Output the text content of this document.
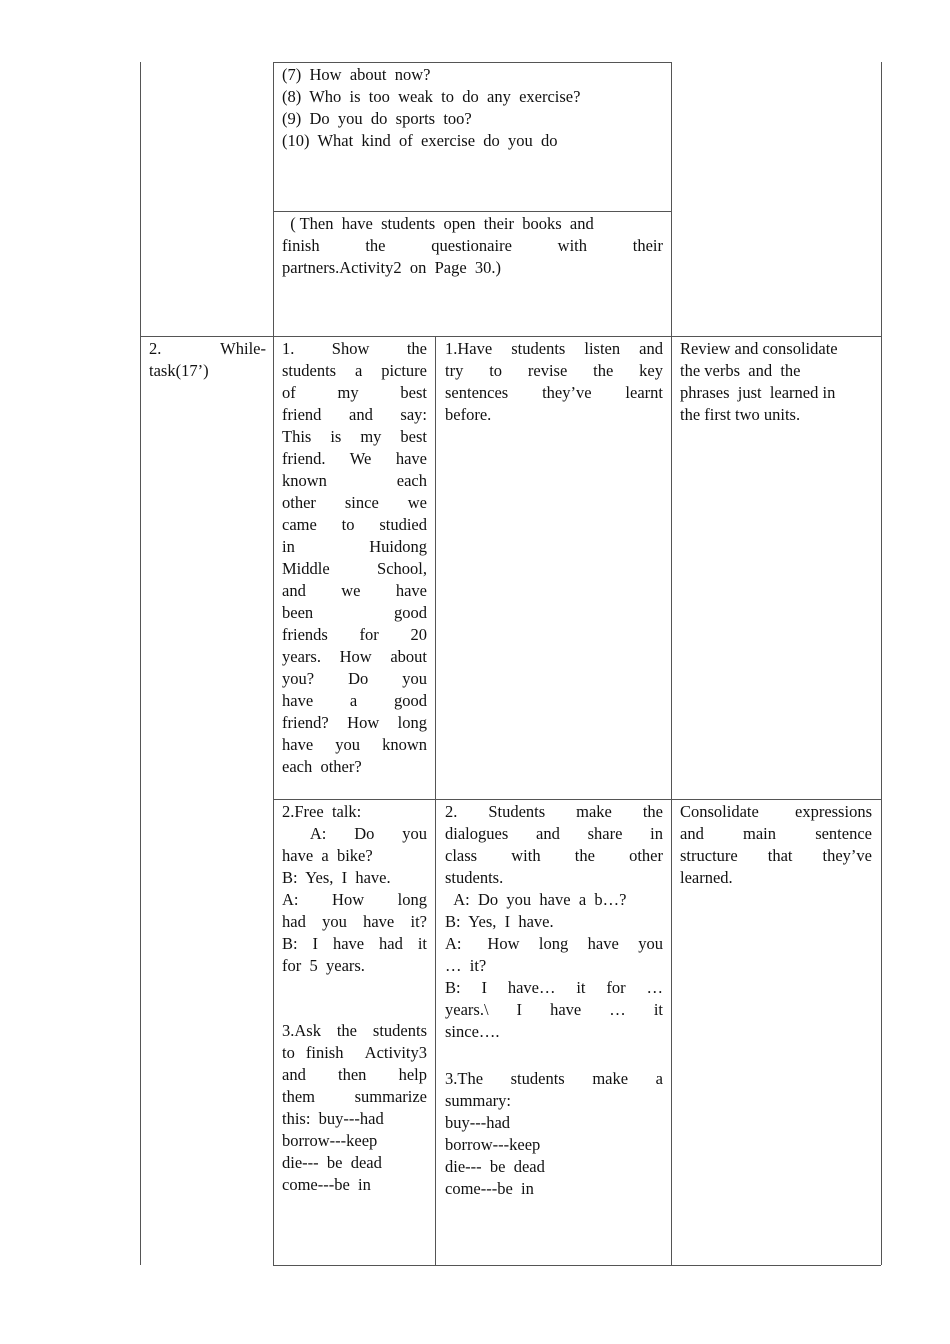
(7)  How  about  now?

(8)  Who  is  too  weak  to  do  any  exercise?

(9)  Do  you  do  sports  too?

(10)  What  kind  of  exercise  do  you  do

( Then  have  students  open  their  books  and

finish      the      questionaire      with      their

partners.Activity2  on  Page  30.)

2.          While-

task(17’)

1.      Show      the

students  a  picture

of      my      best

friend   and   say:

This   is   my   best

friend.   We   have

known           each

other    since    we

came   to   studied

in          Huidong

Middle      School,

and       we       have

been           good

friends    for    20

years.  How  about

you?     Do     you

have      a      good

friend?  How  long

have  you  known

each  other?

1.Have  students  listen  and

try    to    revise    the    key

sentences    they’ve    learnt

before.

Review and consolidate

the verbs  and  the

phrases  just  learned in

the first two units.

2.Free  talk:

A:    Do    you

have  a  bike?

B:  Yes,  I  have.

A:      How      long

had  you  have  it?

B:  I  have  had  it

for  5  years.

3.Ask  the  students

to finish  Activity3

and      then      help

them      summarize

this:  buy---had

borrow---keep

die---  be  dead

come---be  in

2.    Students    make    the

dialogues   and   share   in

class      with      the      other

students.

A:  Do  you  have  a  b…?

B:  Yes,  I  have.

A:    How   long   have   you

…  it?

B:    I    have…    it    for    …

years.\    I    have    …    it

since….

3.The    students    make    a

summary:

buy---had

borrow---keep

die---  be  dead

come---be  in

Consolidate   expressions

and      main      sentence

structure   that   they’ve

learned.
